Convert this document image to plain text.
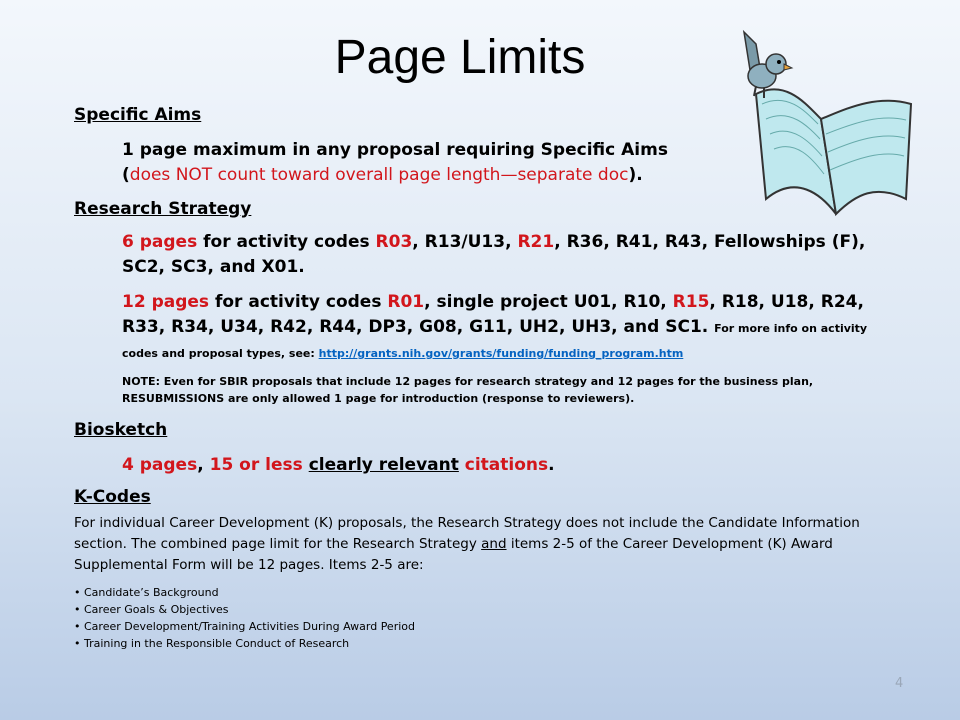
Page Limits
Specific Aims
1 page maximum in any proposal requiring Specific Aims
(does NOT count toward overall page length—separate doc).
Research Strategy
6 pages for activity codes R03, R13/U13, R21, R36, R41, R43, Fellowships (F), SC2, SC3, and X01.
12 pages for activity codes R01, single project U01, R10, R15, R18, U18, R24, R33, R34, U34, R42, R44, DP3, G08, G11, UH2, UH3, and SC1. For more info on activity codes and proposal types, see: http://grants.nih.gov/grants/funding/funding_program.htm
NOTE: Even for SBIR proposals that include 12 pages for research strategy and 12 pages for the business plan, RESUBMISSIONS are only allowed 1 page for introduction (response to reviewers).
Biosketch
4 pages, 15 or less clearly relevant citations.
K-Codes
For individual Career Development (K) proposals, the Research Strategy does not include the Candidate Information section. The combined page limit for the Research Strategy and items 2-5 of the Career Development (K) Award Supplemental Form will be 12 pages. Items 2-5 are:
• Candidate’s Background
• Career Goals & Objectives
• Career Development/Training Activities During Award Period
• Training in the Responsible Conduct of Research
4
